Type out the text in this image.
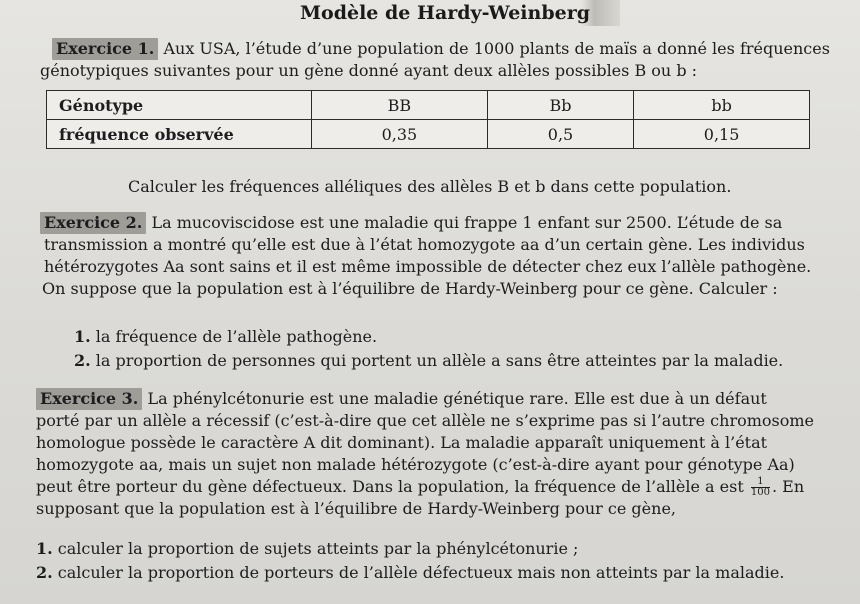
Modèle de Hardy-Weinberg
Exercice 1. Aux USA, l’étude d’une population de 1000 plants de maïs a donné les fréquences
génotypiques suivantes pour un gène donné ayant deux allèles possibles B ou b :
Génotype	BB	Bb	bb
fréquence observée	0,35	0,5	0,15
Calculer les fréquences alléliques des allèles B et b dans cette population.
Exercice 2. La mucoviscidose est une maladie qui frappe 1 enfant sur 2500. L’étude de sa
transmission a montré qu’elle est due à l’état homozygote aa d’un certain gène. Les individus
hétérozygotes Aa sont sains et il est même impossible de détecter chez eux l’allèle pathogène.
On suppose que la population est à l’équilibre de Hardy-Weinberg pour ce gène. Calculer :
1. la fréquence de l’allèle pathogène.
2. la proportion de personnes qui portent un allèle a sans être atteintes par la maladie.
Exercice 3. La phénylcétonurie est une maladie génétique rare. Elle est due à un défaut
porté par un allèle a récessif (c’est-à-dire que cet allèle ne s’exprime pas si l’autre chromosome
homologue possède le caractère A dit dominant). La maladie apparaît uniquement à l’état
homozygote aa, mais un sujet non malade hétérozygote (c’est-à-dire ayant pour génotype Aa)
peut être porteur du gène défectueux. Dans la population, la fréquence de l’allèle a est $\frac{1}{100}$ . En
supposant que la population est à l’équilibre de Hardy-Weinberg pour ce gène,
1. calculer la proportion de sujets atteints par la phénylcétonurie ;
2. calculer la proportion de porteurs de l’allèle défectueux mais non atteints par la maladie.
